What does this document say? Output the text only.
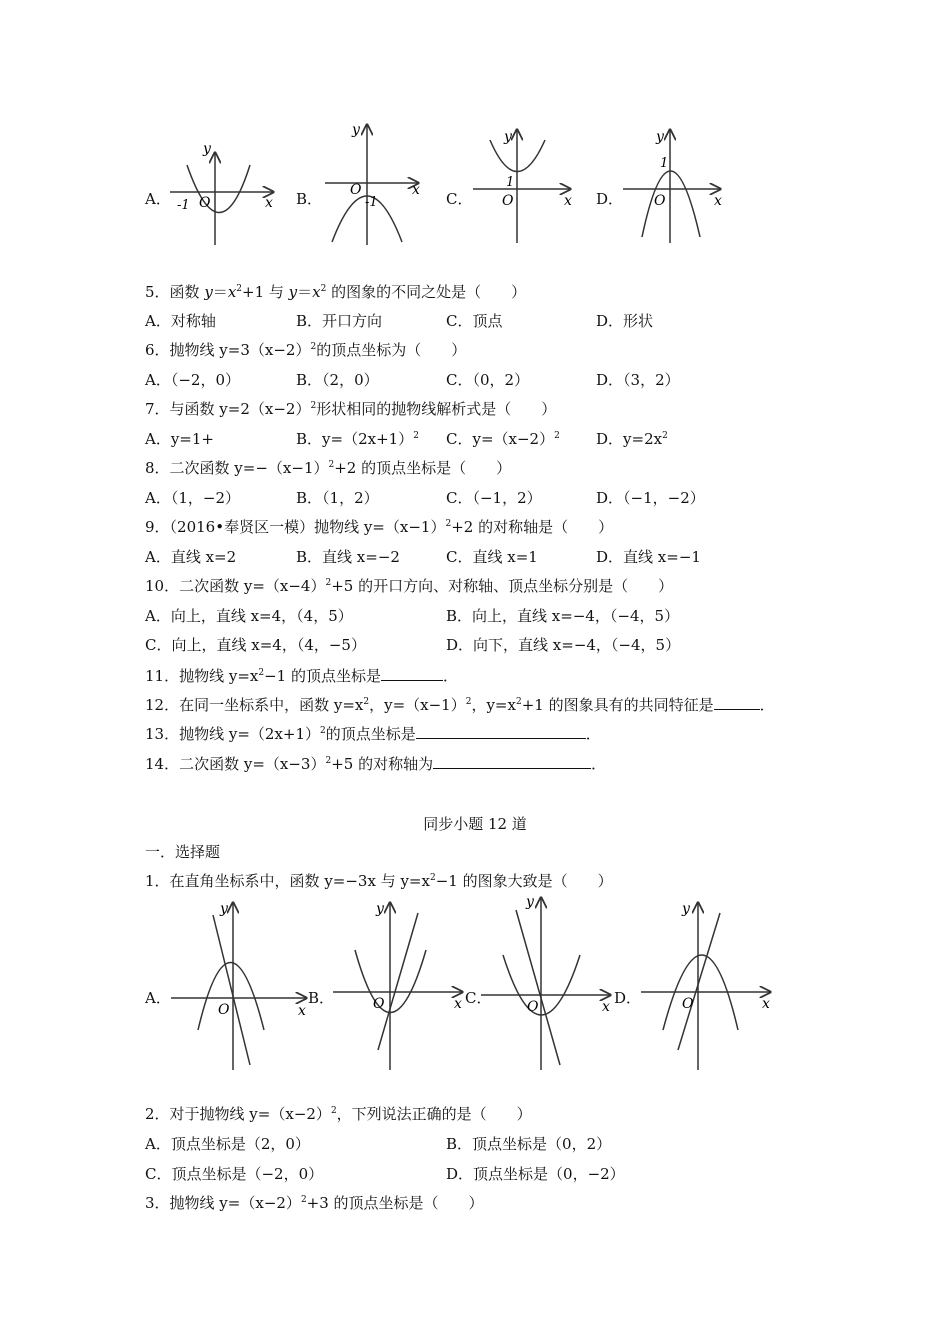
A．	x
y
O
-1	B．	x
y
O
-1	C．	x
y
O
1
D．	x
y
O
1
5．函数 $y=x^2+1$ 与 $y=x^2$ 的图象的不同之处是（　　）
A．对称轴	B．开口方向	C．顶点	D．形状
6．抛物线 $y=3(x-2)^2$的顶点坐标为（　　）
A．（−2，0）	B．（2，0）	C．（0，2）	D．（3，2）
7．与函数 $y=2(x-2)^2$形状相同的抛物线解析式是（　　）
A．y=1+	B．$y=(2x+1)^2$ C．$y=(x-2)^2$ D．$y=2x^2$
8．二次函数 $y=-(x-1)^2+2$ 的顶点坐标是（　　）
A．（1，−2）	B．（1，2）	C．（−1，2）	D．（−1，−2）
9．（2016•奉贤区一模）抛物线 $y=(x-1)^2+2$ 的对称轴是（　　）
A．直线 x=2	B．直线 x=−2	C．直线 x=1	D．直线 x=−1
10．二次函数 $y=(x-4)^2+5$ 的开口方向、对称轴、顶点坐标分别是（　　）
A．向上，直线 x=4，（4，5）	B．向上，直线 x=−4，（−4，5）
C．向上，直线 x=4，（4，−5）	D．向下，直线 x=−4，（−4，5）
11．抛物线 $y=x^2-1$ 的顶点坐标是	．
12．在同一坐标系中，函数 $y=x^2$，$y=(x-1)^2$，$y=x^2+1$ 的图象具有的共同特征是	．
13．抛物线 $y=(2x+1)^2$的顶点坐标是	．
14．二次函数 $y=(x-3)^2+5$ 的对称轴为	．
同步小题 12 道
一．选择题
1．在直角坐标系中，函数 y=−3x 与 $y=x^2-1$ 的图象大致是（　　）
A．
x
y
O
B．	x
y
O	C．	x
y
O	D．	x
y
O
2．对于抛物线 $y=(x-2)^2$，下列说法正确的是（　　）
A．顶点坐标是（2，0）	B．顶点坐标是（0，2）
C．顶点坐标是（−2，0）	D．顶点坐标是（0，−2）
3．抛物线 $y=(x-2)^2+3$ 的顶点坐标是（　　）
